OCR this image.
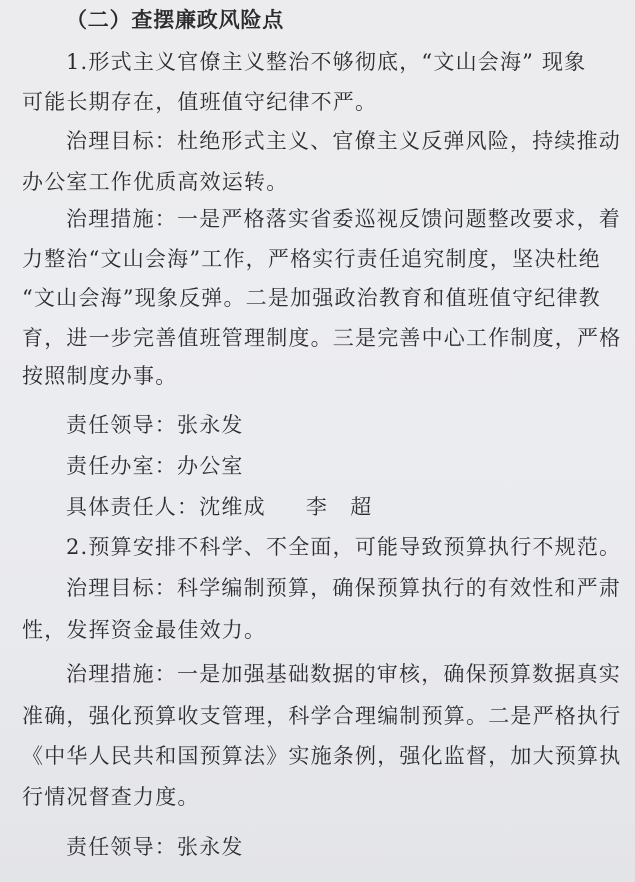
（二）查摆廉政风险点
1.形式主义官僚主义整治不够彻底，“文山会海” 现象
可能长期存在，值班值守纪律不严。
治理目标：杜绝形式主义、官僚主义反弹风险，持续推动
办公室工作优质高效运转。
治理措施：一是严格落实省委巡视反馈问题整改要求，着
力整治“文山会海”工作，严格实行责任追究制度，坚决杜绝
“文山会海”现象反弹。二是加强政治教育和值班值守纪律教
育，进一步完善值班管理制度。三是完善中心工作制度，严格
按照制度办事。
责任领导：张永发
责任办室：办公室
具体责任人：沈维成 李　超
2.预算安排不科学、不全面，可能导致预算执行不规范。
治理目标：科学编制预算，确保预算执行的有效性和严肃
性，发挥资金最佳效力。
治理措施：一是加强基础数据的审核，确保预算数据真实
准确，强化预算收支管理，科学合理编制预算。二是严格执行
《中华人民共和国预算法》实施条例，强化监督，加大预算执
行情况督查力度。
责任领导：张永发
